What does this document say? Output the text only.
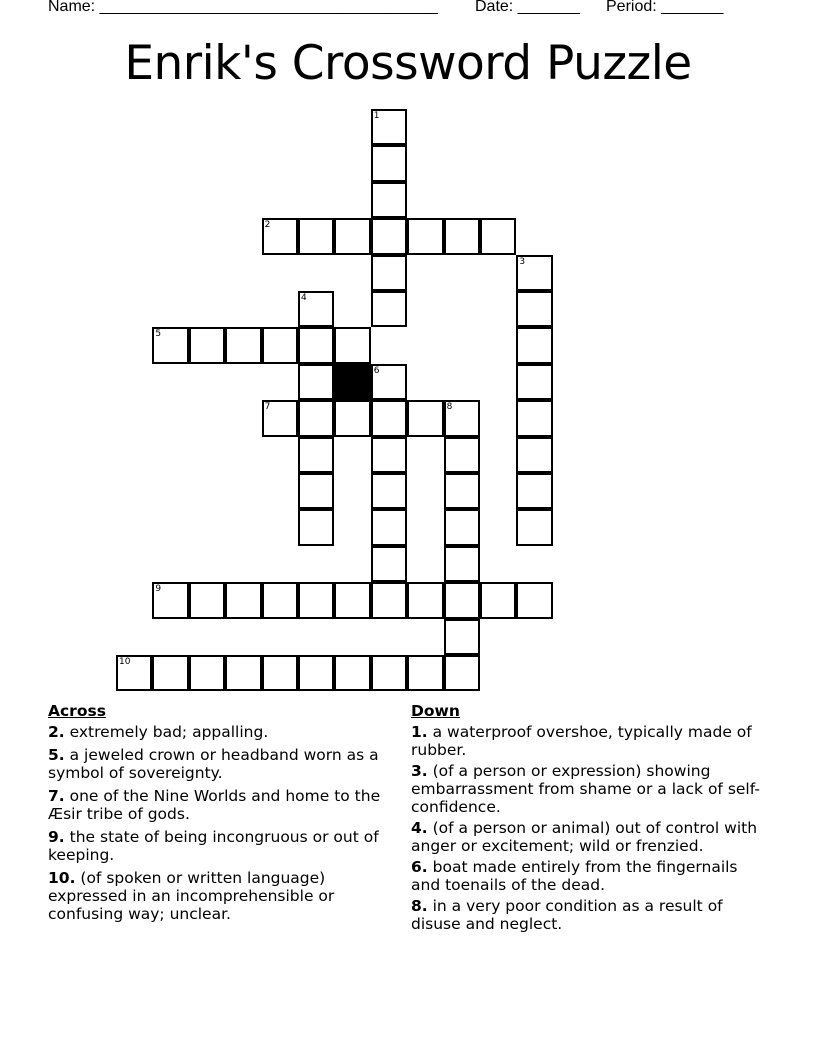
Name: ______________________________________ Date: _______ Period: _______
Enrik's Crossword Puzzle
1
2
3
4
5
6
7	8
9
10
Across
2. extremely bad; appalling.
5. a jeweled crown or headband worn as a symbol of sovereignty.
7. one of the Nine Worlds and home to the Æsir tribe of gods.
9. the state of being incongruous or out of keeping.
10. (of spoken or written language) expressed in an incomprehensible or confusing way; unclear.
Down
1. a waterproof overshoe, typically made of rubber.
3. (of a person or expression) showing embarrassment from shame or a lack of self-confidence.
4. (of a person or animal) out of control with anger or excitement; wild or frenzied.
6. boat made entirely from the fingernails and toenails of the dead.
8. in a very poor condition as a result of disuse and neglect.
